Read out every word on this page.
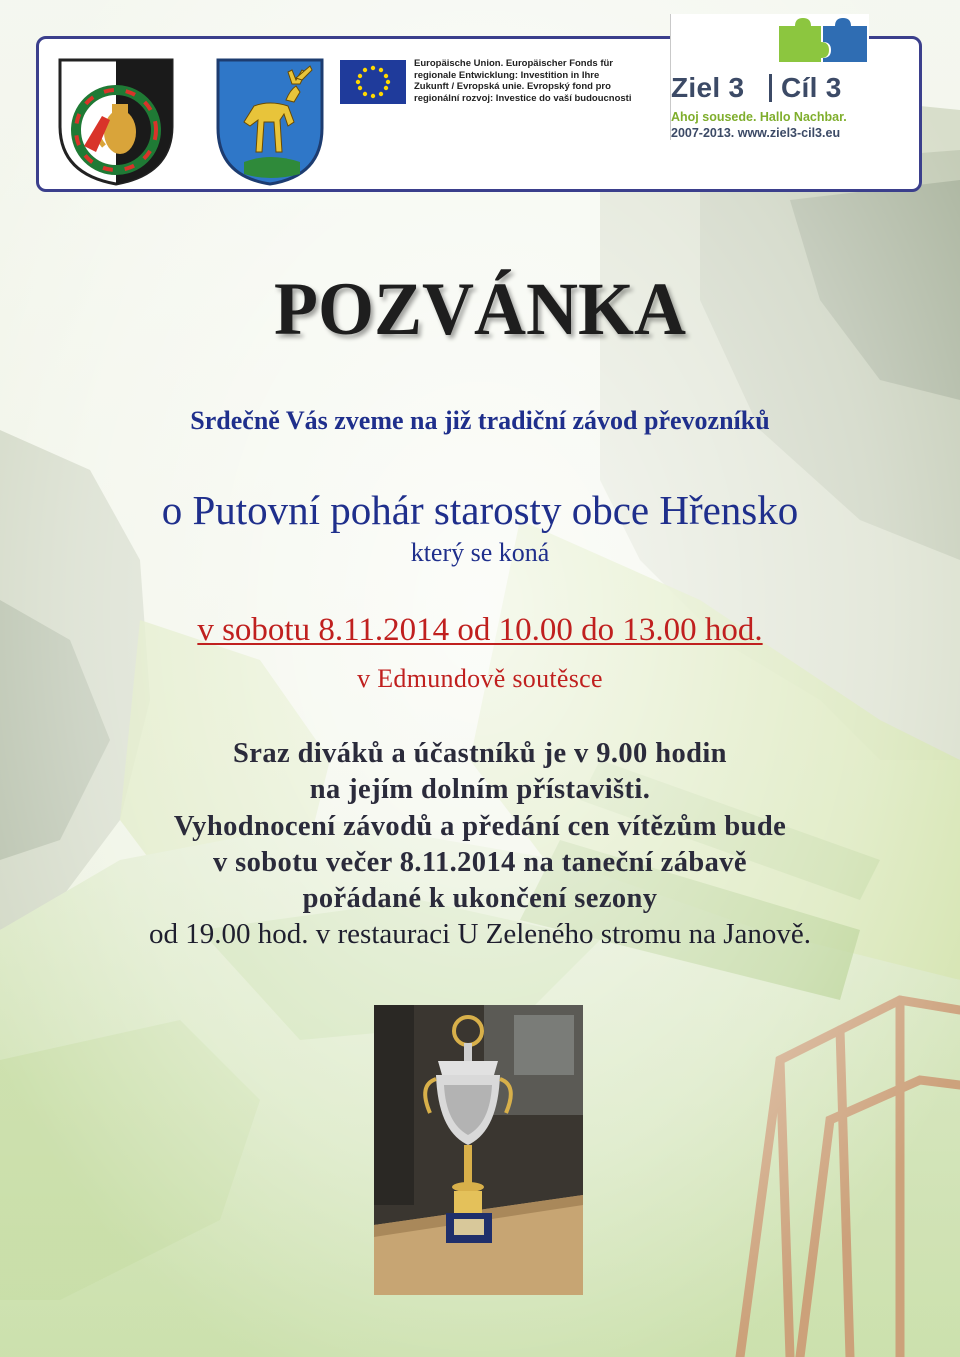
Europäische Union. Europäischer Fonds für
regionale Entwicklung: Investition in Ihre
Zukunft / Evropská unie. Evropský fond pro
regionální rozvoj: Investice do vaší budoucnosti Ziel 3 Cíl 3
Ahoj sousede. Hallo Nachbar.
2007-2013. www.ziel3-cil3.eu
POZVÁNKA
Srdečně Vás zveme na již tradiční závod převozníků
o Putovní pohár starosty obce Hřensko
který se koná
v sobotu 8.11.2014 od 10.00 do 13.00 hod.
v Edmundově soutěsce
Sraz diváků a účastníků je v 9.00 hodin
na jejím dolním přístavišti.
Vyhodnocení závodů a předání cen vítězům bude
v sobotu večer 8.11.2014 na taneční zábavě
pořádané k ukončení sezony
od 19.00 hod. v restauraci U Zeleného stromu na Janově.
